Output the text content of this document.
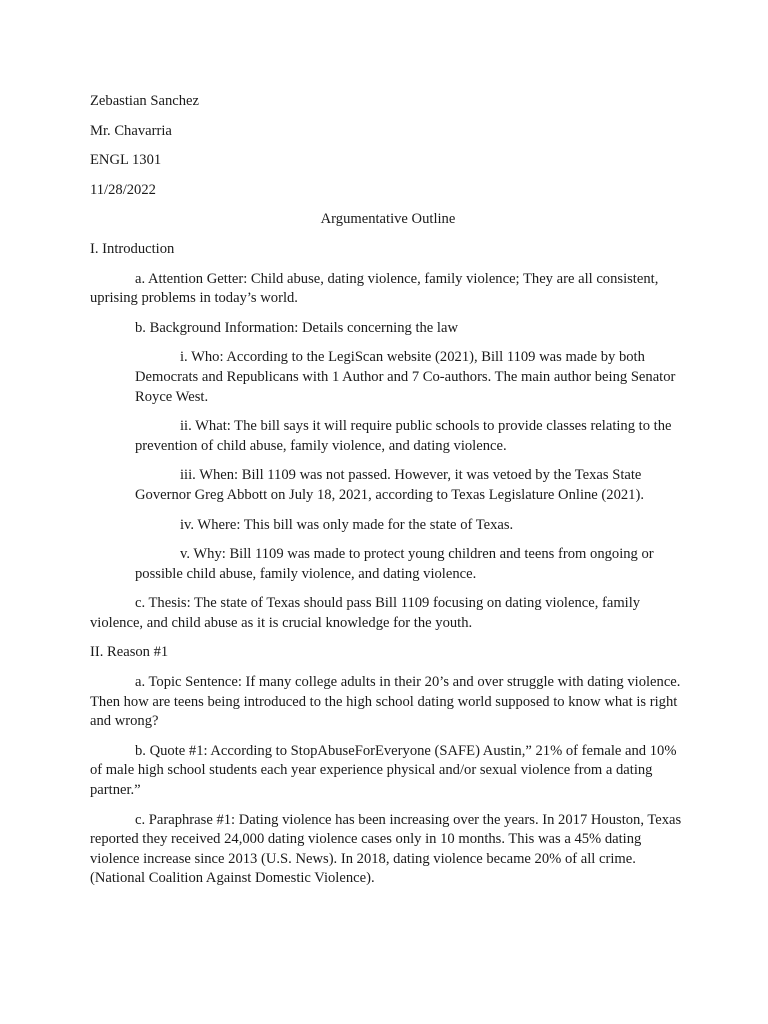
Zebastian Sanchez
Mr. Chavarria
ENGL 1301
11/28/2022
Argumentative Outline
I. Introduction

a. Attention Getter: Child abuse, dating violence, family violence; They are all consistent, uprising problems in today’s world.

b. Background Information: Details concerning the law

i. Who: According to the LegiScan website (2021), Bill 1109 was made by both Democrats and Republicans with 1 Author and 7 Co-authors. The main author being Senator Royce West.

ii. What: The bill says it will require public schools to provide classes relating to the prevention of child abuse, family violence, and dating violence.

iii. When: Bill 1109 was not passed. However, it was vetoed by the Texas State Governor Greg Abbott on July 18, 2021, according to Texas Legislature Online (2021).

iv. Where: This bill was only made for the state of Texas.

v. Why: Bill 1109 was made to protect young children and teens from ongoing or possible child abuse, family violence, and dating violence.

c. Thesis: The state of Texas should pass Bill 1109 focusing on dating violence, family violence, and child abuse as it is crucial knowledge for the youth.

II. Reason #1

a. Topic Sentence: If many college adults in their 20’s and over struggle with dating violence. Then how are teens being introduced to the high school dating world supposed to know what is right and wrong?

b. Quote #1: According to StopAbuseForEveryone (SAFE) Austin,” 21% of female and 10% of male high school students each year experience physical and/or sexual violence from a dating partner.”

c. Paraphrase #1: Dating violence has been increasing over the years. In 2017 Houston, Texas reported they received 24,000 dating violence cases only in 10 months. This was a 45% dating violence increase since 2013 (U.S. News). In 2018, dating violence became 20% of all crime. (National Coalition Against Domestic Violence).
